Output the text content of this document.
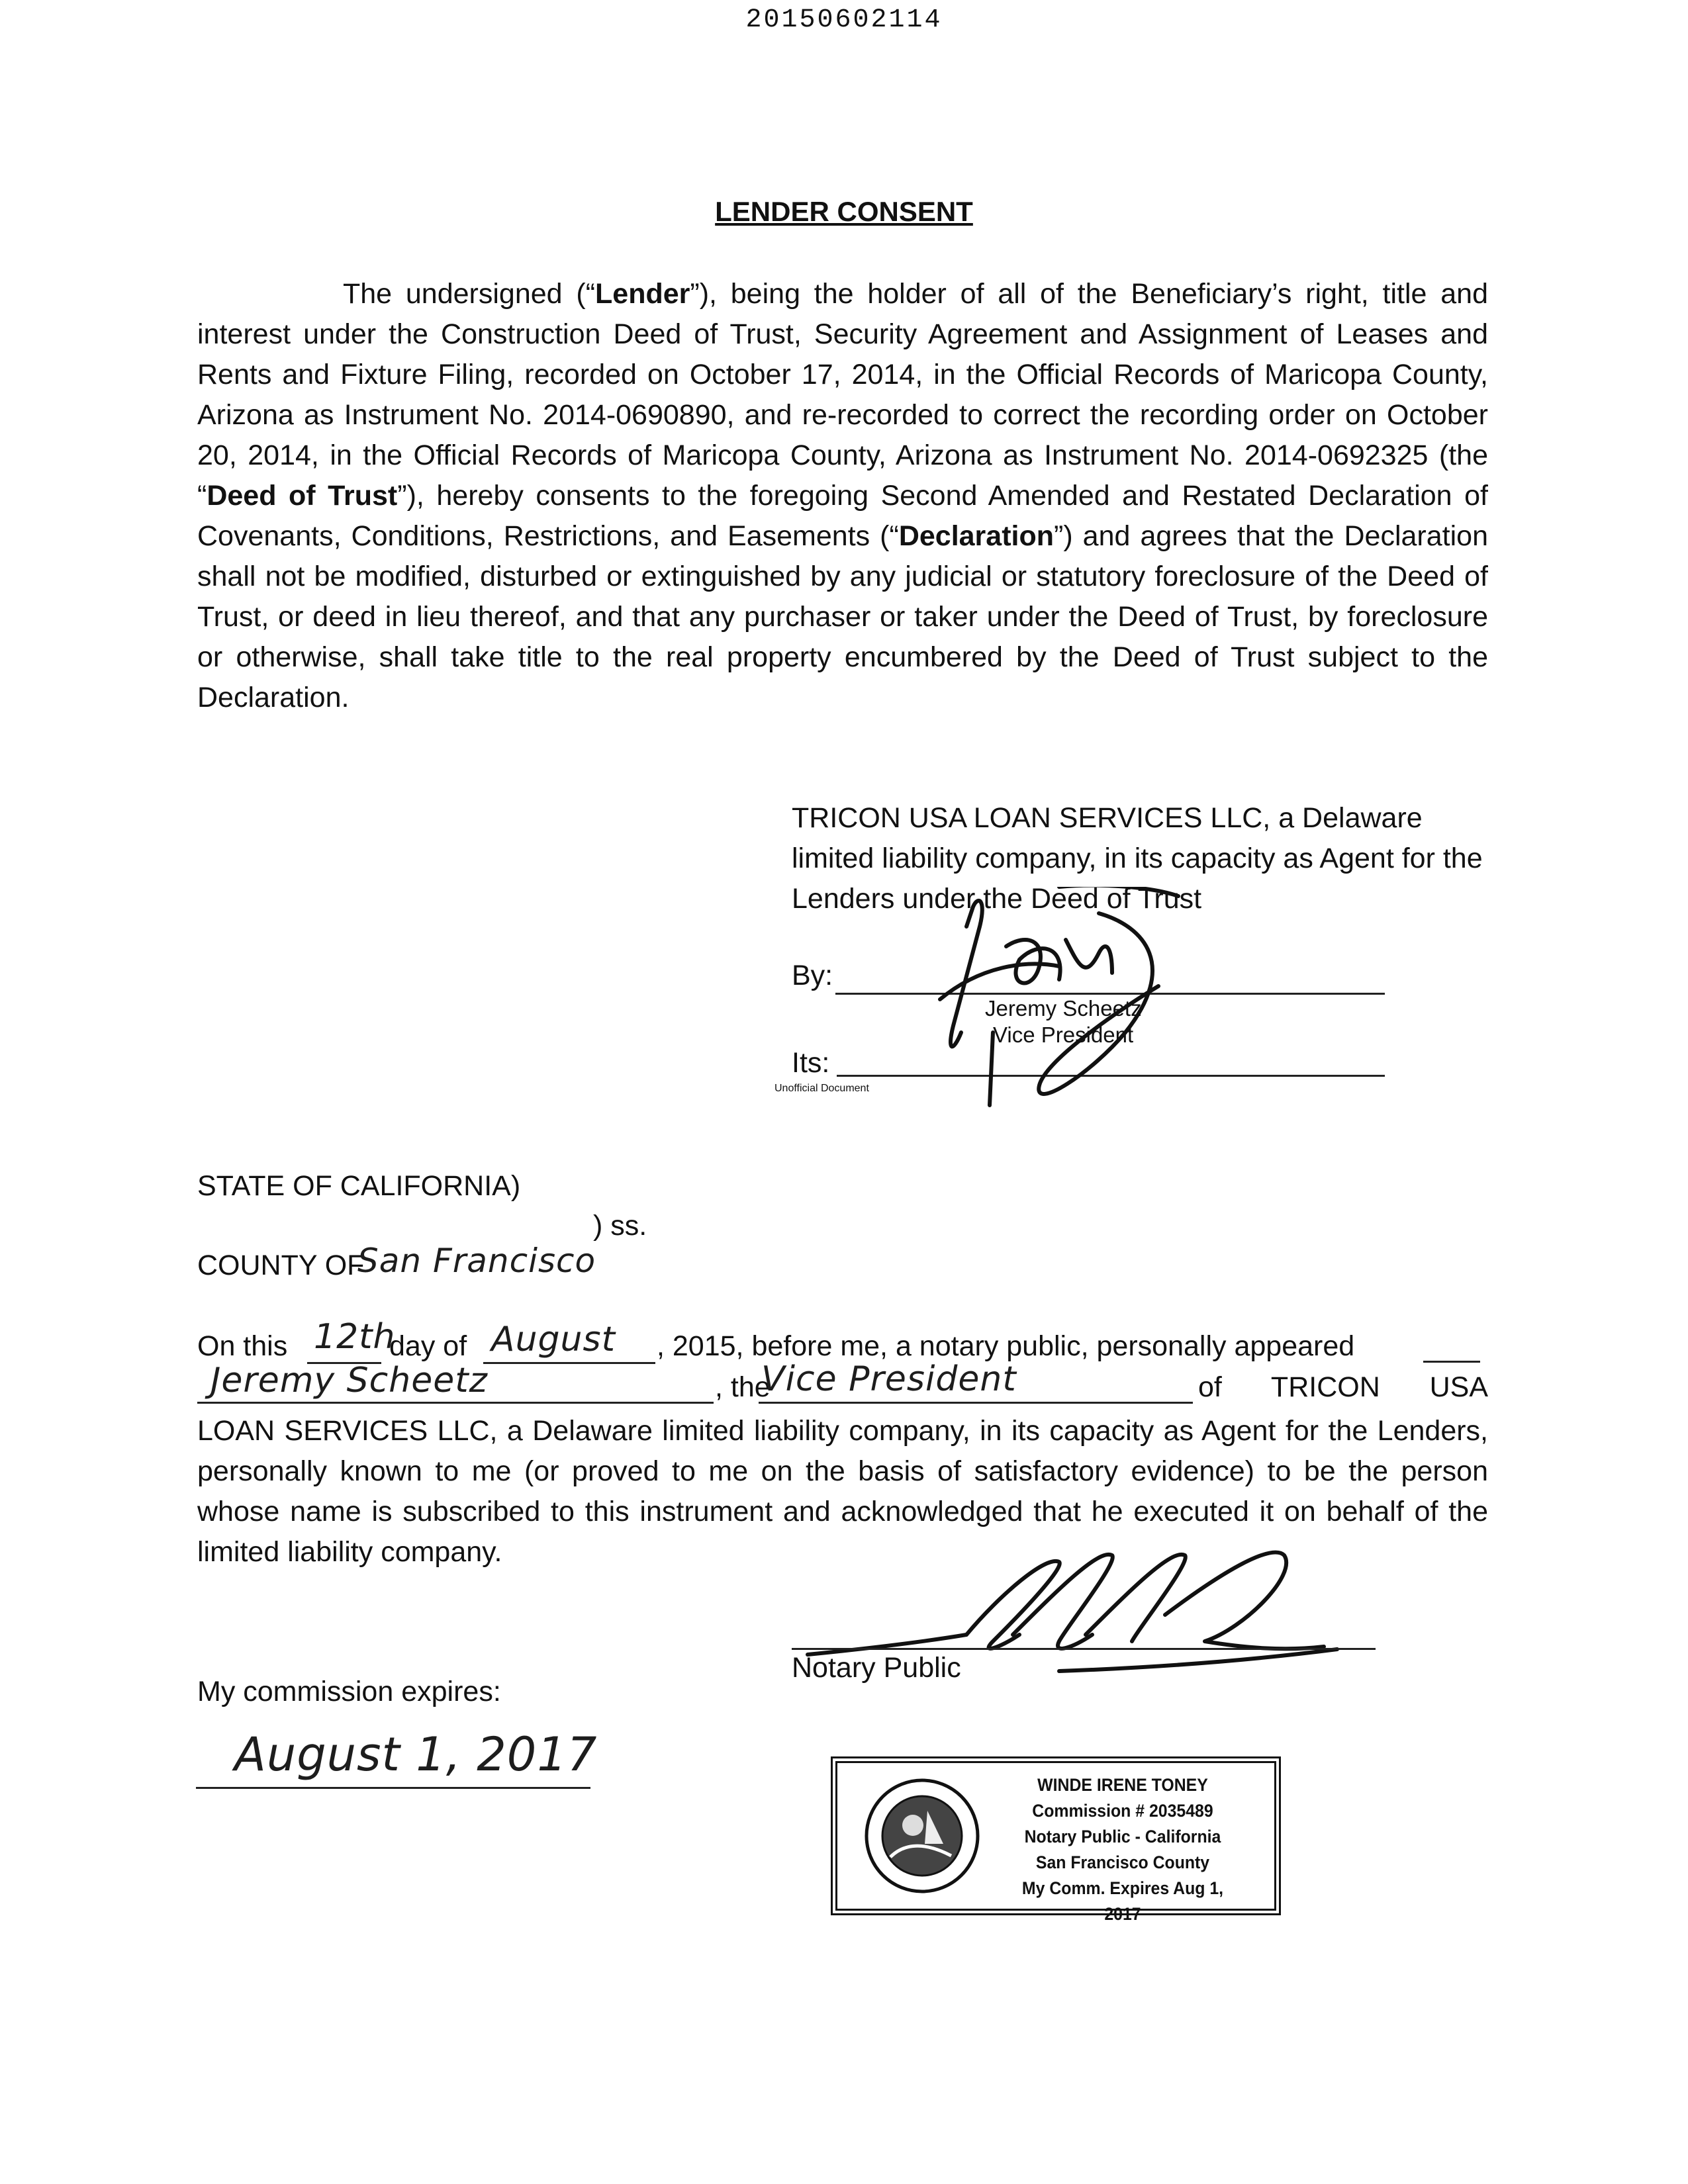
20150602114
LENDER CONSENT
The undersigned (“Lender”), being the holder of all of the Beneficiary’s right, title and interest under the Construction Deed of Trust, Security Agreement and Assignment of Leases and Rents and Fixture Filing, recorded on October 17, 2014, in the Official Records of Maricopa County, Arizona as Instrument No. 2014-0690890, and re-recorded to correct the recording order on October 20, 2014, in the Official Records of Maricopa County, Arizona as Instrument No. 2014-0692325 (the “Deed of Trust”), hereby consents to the foregoing Second Amended and Restated Declaration of Covenants, Conditions, Restrictions, and Easements (“Declaration”) and agrees that the Declaration shall not be modified, disturbed or extinguished by any judicial or statutory foreclosure of the Deed of Trust, or deed in lieu thereof, and that any purchaser or taker under the Deed of Trust, by foreclosure or otherwise, shall take title to the real property encumbered by the Deed of Trust subject to the Declaration.
TRICON USA LOAN SERVICES LLC, a Delaware limited liability company, in its capacity as Agent for the Lenders under the Deed of Trust
By:
Its:
Unofficial Document
Jeremy Scheetz
Vice President
STATE OF CALIFORNIA)
) ss.
COUNTY OF
San Francisco
On this 12th
day of August , 2015, before me, a notary public, personally appeared
Jeremy Scheetz	, the
Vice President	of TRICON USA
LOAN SERVICES LLC, a Delaware limited liability company, in its capacity as Agent for the Lenders, personally known to me (or proved to me on the basis of satisfactory evidence) to be the person whose name is subscribed to this instrument and acknowledged that he executed it on behalf of the limited liability company.
Notary Public
My commission expires:
August 1, 2017
WINDE IRENE TONEY
Commission # 2035489
Notary Public - California
San Francisco County
My Comm. Expires Aug 1, 2017
